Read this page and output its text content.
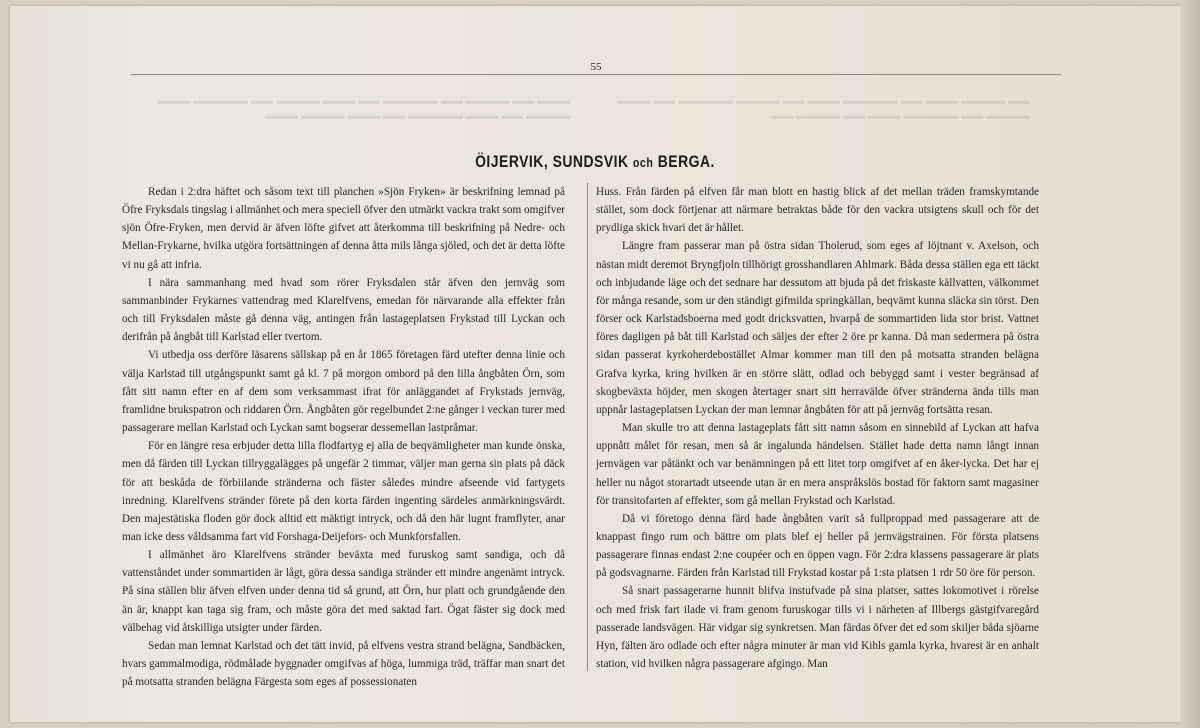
▬▬▬ ▬▬ ▬▬▬▬ ▬▬ ▬▬▬▬▬ ▬▬ ▬▬▬ ▬▬▬▬ ▬▬ ▬▬▬▬▬ ▬▬▬ ▬▬▬▬ ▬▬ ▬▬▬ ▬▬▬▬▬ ▬▬ ▬▬▬ ▬▬▬▬ ▬▬▬
▬▬ ▬▬▬▬ ▬▬▬ ▬▬ ▬▬▬▬▬ ▬▬▬ ▬▬ ▬▬▬▬ ▬▬▬▬▬ ▬▬ ▬▬▬ ▬▬▬▬ ▬▬ ▬▬▬▬▬ ▬▬▬ ▬▬ ▬▬▬▬ ▬▬
55
ÖIJERVIK, SUNDSVIK och BERGA.

Redan i 2:dra häftet och såsom text till planchen »Sjön Fryken» är beskrifning lemnad på Öfre Fryksdals tingslag i allmänhet och mera speciell öfver den utmärkt vackra trakt som omgifver sjön Öfre-Fryken, men dervid är äfven löfte gifvet att återkomma till beskrifning på Nedre- och Mellan-Frykarne, hvilka utgöra fortsättningen af denna åtta mils långa sjöled, och det är detta löfte vi nu gå att infria.

I nära sammanhang med hvad som rörer Fryksdalen står äfven den jernväg som sammanbinder Frykarnes vattendrag med Klarelfvens, emedan för närvarande alla effekter från och till Fryksdalen måste gå denna väg, antingen från lastageplatsen Frykstad till Lyckan och derifrån på ångbåt till Karlstad eller tvertom.

Vi utbedja oss derföre läsarens sällskap på en år 1865 företagen färd utefter denna linie och välja Karlstad till utgångspunkt samt gå kl. 7 på morgon ombord på den lilla ångbåten Örn, som fått sitt namn efter en af dem som verksammast ifrat för anläggandet af Frykstads jernväg, framlidne brukspatron och riddaren Örn. Ångbåten gör regelbundet 2:ne gånger i veckan turer med passagerare mellan Karlstad och Lyckan samt bogserar dessemellan lastpråmar.

För en längre resa erbjuder detta lilla flodfartyg ej alla de beqvämligheter man kunde önska, men då färden till Lyckan tillryggalägges på ungefär 2 timmar, väljer man gerna sin plats på däck för att beskåda de förbiilande stränderna och fäster således mindre afseende vid fartygets inredning. Klarelfvens stränder förete på den korta färden ingenting särdeles anmärkningsvärdt. Den majestätiska floden gör dock alltid ett mäktigt intryck, och då den här lugnt framflyter, anar man icke dess våldsamma fart vid Forshaga-Deijefors- och Munkforsfallen.

I allmänhet äro Klarelfvens stränder beväxta med furuskog samt sandiga, och då vattenståndet under sommartiden är lågt, göra dessa sandiga stränder ett mindre angenämt intryck. På sina ställen blir äfven elfven under denna tid så grund, att Örn, hur platt och grundgående den än är, knappt kan taga sig fram, och måste göra det med saktad fart. Ögat fäster sig dock med välbehag vid åtskilliga utsigter under färden.

Sedan man lemnat Karlstad och det tätt invid, på elfvens vestra strand belägna, Sandbäcken, hvars gammalmodiga, rödmålade byggnader omgifvas af höga, lummiga träd, träffar man snart det på motsatta stranden belägna Färgesta som eges af possessionaten

Huss. Från färden på elfven får man blott en hastig blick af det mellan träden framskymtande stället, som dock förtjenar att närmare betraktas både för den vackra utsigtens skull och för det prydliga skick hvari det är hållet.

Längre fram passerar man på östra sidan Tholerud, som eges af löjtnant v. Axelson, och nästan midt deremot Bryngfjoln tillhörigt grosshandlaren Ahlmark. Båda dessa ställen ega ett täckt och inbjudande läge och det sednare har dessutom att bjuda på det friskaste källvatten, välkommet för många resande, som ur den ständigt gifmilda springkällan, beqvämt kunna släcka sin törst. Den förser ock Karlstadsboerna med godt dricksvatten, hvarpå de sommartiden lida stor brist. Vattnet föres dagligen på båt till Karlstad och säljes der efter 2 öre pr kanna. Då man sedermera på östra sidan passerat kyrkoherdebostället Almar kommer man till den på motsatta stranden belägna Grafva kyrka, kring hvilken är en större slätt, odlad och bebyggd samt i vester begränsad af skogbeväxta höjder, men skogen återtager snart sitt herravälde öfver stränderna ända tills man uppnår lastageplatsen Lyckan der man lemnar ångbåten för att på jernväg fortsätta resan.

Man skulle tro att denna lastageplats fått sitt namn såsom en sinnebild af Lyckan att hafva uppnått målet för resan, men så är ingalunda händelsen. Stället hade detta namn långt innan jernvägen var påtänkt och var benämningen på ett litet torp omgifvet af en åker-lycka. Det har ej heller nu något storartadt utseende utan är en mera anspråkslös bostad för faktorn samt magasiner för transitofarten af effekter, som gå mellan Frykstad och Karlstad.

Då vi företogo denna färd hade ångbåten varit så fullproppad med passagerare att de knappast fingo rum och bättre om plats blef ej heller på jernvägstrainen. För första platsens passagerare finnas endast 2:ne coupéer och en öppen vagn. För 2:dra klassens passagerare är plats på godsvagnarne. Färden från Karlstad till Frykstad kostar på 1:sta platsen 1 rdr 50 öre för person.

Så snart passagerarne hunnit blifva instufvade på sina platser, sattes lokomotivet i rörelse och med frisk fart ilade vi fram genom furuskogar tills vi i närheten af Illbergs gästgifvaregård passerade landsvägen. Här vidgar sig synkretsen. Man färdas öfver det ed som skiljer båda sjöarne Hyn, fälten äro odlade och efter några minuter är man vid Kihls gamla kyrka, hvarest är en anhalt station, vid hvilken några passagerare afgingo. Man
